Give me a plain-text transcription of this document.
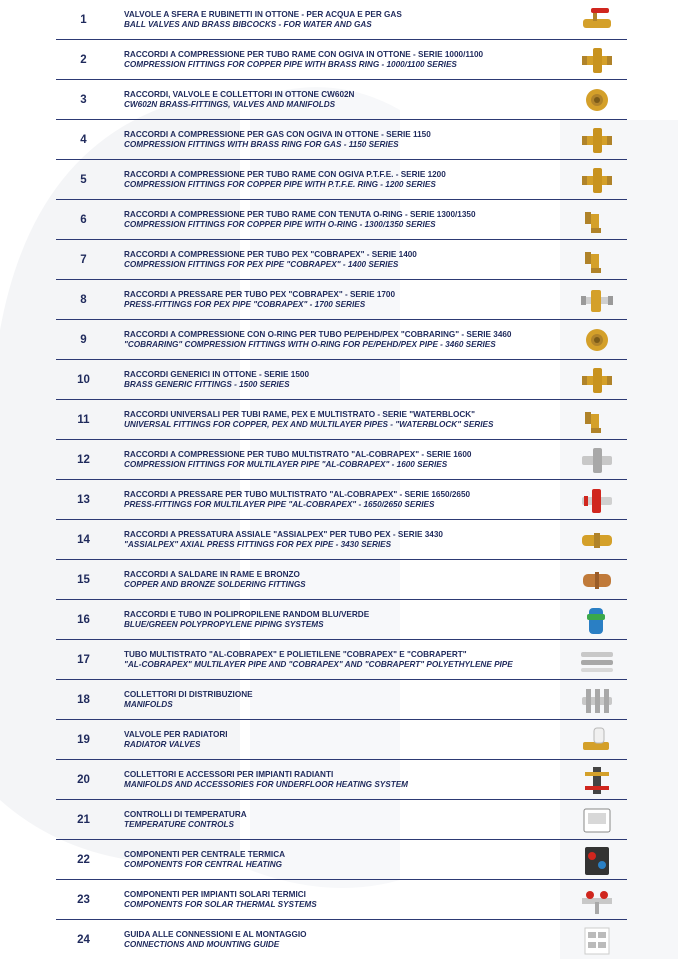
1	VALVOLE A SFERA E RUBINETTI IN OTTONE - PER ACQUA E PER GAS
BALL VALVES AND BRASS BIBCOCKS - FOR WATER AND GAS
2	RACCORDI A COMPRESSIONE PER TUBO RAME CON OGIVA IN OTTONE - SERIE 1000/1100
COMPRESSION FITTINGS FOR COPPER PIPE WITH BRASS RING - 1000/1100 SERIES
3	RACCORDI, VALVOLE E COLLETTORI IN OTTONE CW602N
CW602N BRASS-FITTINGS, VALVES AND MANIFOLDS
4	RACCORDI A COMPRESSIONE PER GAS CON OGIVA IN OTTONE - SERIE 1150
COMPRESSION FITTINGS WITH BRASS RING FOR GAS - 1150 SERIES
5	RACCORDI A COMPRESSIONE PER TUBO RAME CON OGIVA P.T.F.E. - SERIE 1200
COMPRESSION FITTINGS FOR COPPER PIPE WITH P.T.F.E. RING - 1200 SERIES
6	RACCORDI A COMPRESSIONE PER TUBO RAME CON TENUTA O-RING - SERIE 1300/1350
COMPRESSION FITTINGS FOR COPPER PIPE WITH O-RING - 1300/1350 SERIES
7	RACCORDI A COMPRESSIONE PER TUBO PEX "COBRAPEX" - SERIE 1400
COMPRESSION FITTINGS FOR PEX PIPE "COBRAPEX" - 1400 SERIES
8	RACCORDI A PRESSARE PER TUBO PEX "COBRAPEX" - SERIE 1700
PRESS-FITTINGS FOR PEX PIPE "COBRAPEX" - 1700 SERIES
9	RACCORDI A COMPRESSIONE CON O-RING PER TUBO PE/PEHD/PEX "COBRARING" - SERIE 3460
"COBRARING" COMPRESSION FITTINGS WITH O-RING FOR PE/PEHD/PEX PIPE - 3460 SERIES
10	RACCORDI GENERICI IN OTTONE - SERIE 1500
BRASS GENERIC FITTINGS - 1500 SERIES
11	RACCORDI UNIVERSALI PER TUBI RAME, PEX E MULTISTRATO - SERIE "WATERBLOCK"
UNIVERSAL FITTINGS FOR COPPER, PEX AND MULTILAYER PIPES - "WATERBLOCK" SERIES
12	RACCORDI A COMPRESSIONE PER TUBO MULTISTRATO "AL-COBRAPEX" - SERIE 1600
COMPRESSION FITTINGS FOR MULTILAYER PIPE "AL-COBRAPEX" - 1600 SERIES
13	RACCORDI A PRESSARE PER TUBO MULTISTRATO "AL-COBRAPEX" - SERIE 1650/2650
PRESS-FITTINGS FOR MULTILAYER PIPE "AL-COBRAPEX" - 1650/2650 SERIES
14	RACCORDI A PRESSATURA ASSIALE "ASSIALPEX" PER TUBO PEX - SERIE 3430
"ASSIALPEX" AXIAL PRESS FITTINGS FOR PEX PIPE - 3430 SERIES
15	RACCORDI A SALDARE IN RAME E BRONZO
COPPER AND BRONZE SOLDERING FITTINGS
16	RACCORDI E TUBO IN POLIPROPILENE RANDOM BLU/VERDE
BLUE/GREEN POLYPROPYLENE PIPING SYSTEMS
17	TUBO MULTISTRATO "AL-COBRAPEX" E POLIETILENE "COBRAPEX" E "COBRAPERT"
"AL-COBRAPEX" MULTILAYER PIPE AND "COBRAPEX" AND "COBRAPERT" POLYETHYLENE PIPE
18	COLLETTORI DI DISTRIBUZIONE
MANIFOLDS
19	VALVOLE PER RADIATORI
RADIATOR VALVES
20	COLLETTORI E ACCESSORI PER IMPIANTI RADIANTI
MANIFOLDS AND ACCESSORIES FOR UNDERFLOOR HEATING SYSTEM
21	CONTROLLI DI TEMPERATURA
TEMPERATURE CONTROLS
22	COMPONENTI PER CENTRALE TERMICA
COMPONENTS FOR CENTRAL HEATING
23	COMPONENTI PER IMPIANTI SOLARI TERMICI
COMPONENTS FOR SOLAR THERMAL SYSTEMS
24	GUIDA ALLE CONNESSIONI E AL MONTAGGIO
CONNECTIONS AND MOUNTING GUIDE
